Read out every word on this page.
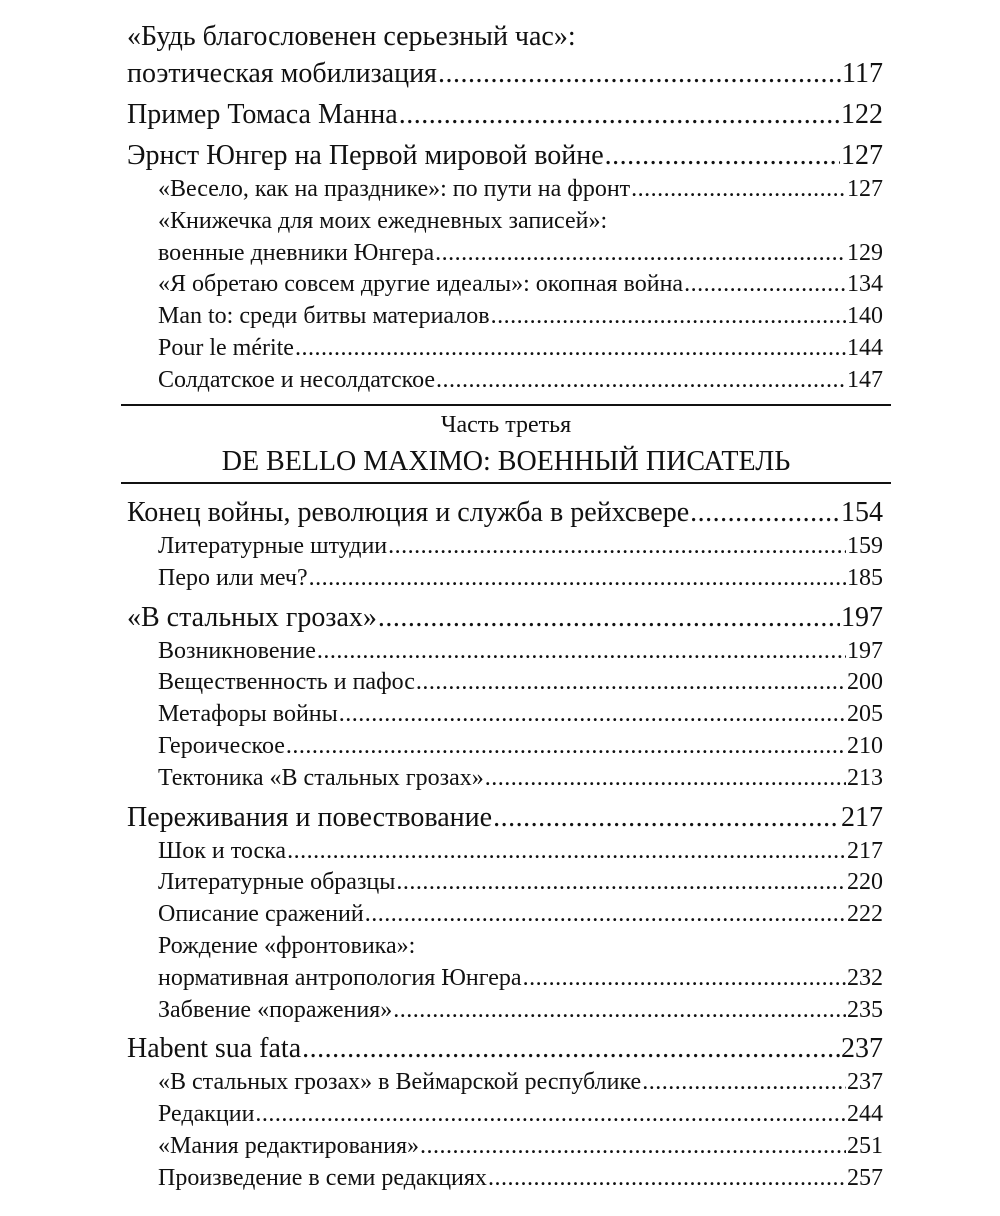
«Будь благословенен серьезный час»:
поэтическая мобилизация .....	117
Пример Томаса Манна .....	122
Эрнст Юнгер на Первой мировой войне .....	127
«Весело, как на празднике»: по пути на фронт .....	127
«Книжечка для моих ежедневных записей»:
военные дневники Юнгера .....	129
«Я обретаю совсем другие идеалы»: окопная война .....	134
Man to: среди битвы материалов .....	140
Pour le mérite .....	144
Солдатское и несолдатское .....	147
Часть третья
DE BELLO MAXIMO: ВОЕННЫЙ ПИСАТЕЛЬ
Конец войны, революция и служба в рейхсвере .....	154
Литературные штудии .....	159
Перо или меч? .....	185
«В стальных грозах» .....	197
Возникновение .....	197
Вещественность и пафос .....	200
Метафоры войны .....	205
Героическое .....	210
Тектоника «В стальных грозах» .....	213
Переживания и повествование .....	217
Шок и тоска .....	217
Литературные образцы .....	220
Описание сражений .....	222
Рождение «фронтовика»:
нормативная антропология Юнгера .....	232
Забвение «поражения» .....	235
Habent sua fata .....	237
«В стальных грозах» в Веймарской республике .....	237
Редакции .....	244
«Мания редактирования» .....	251
Произведение в семи редакциях .....	257
